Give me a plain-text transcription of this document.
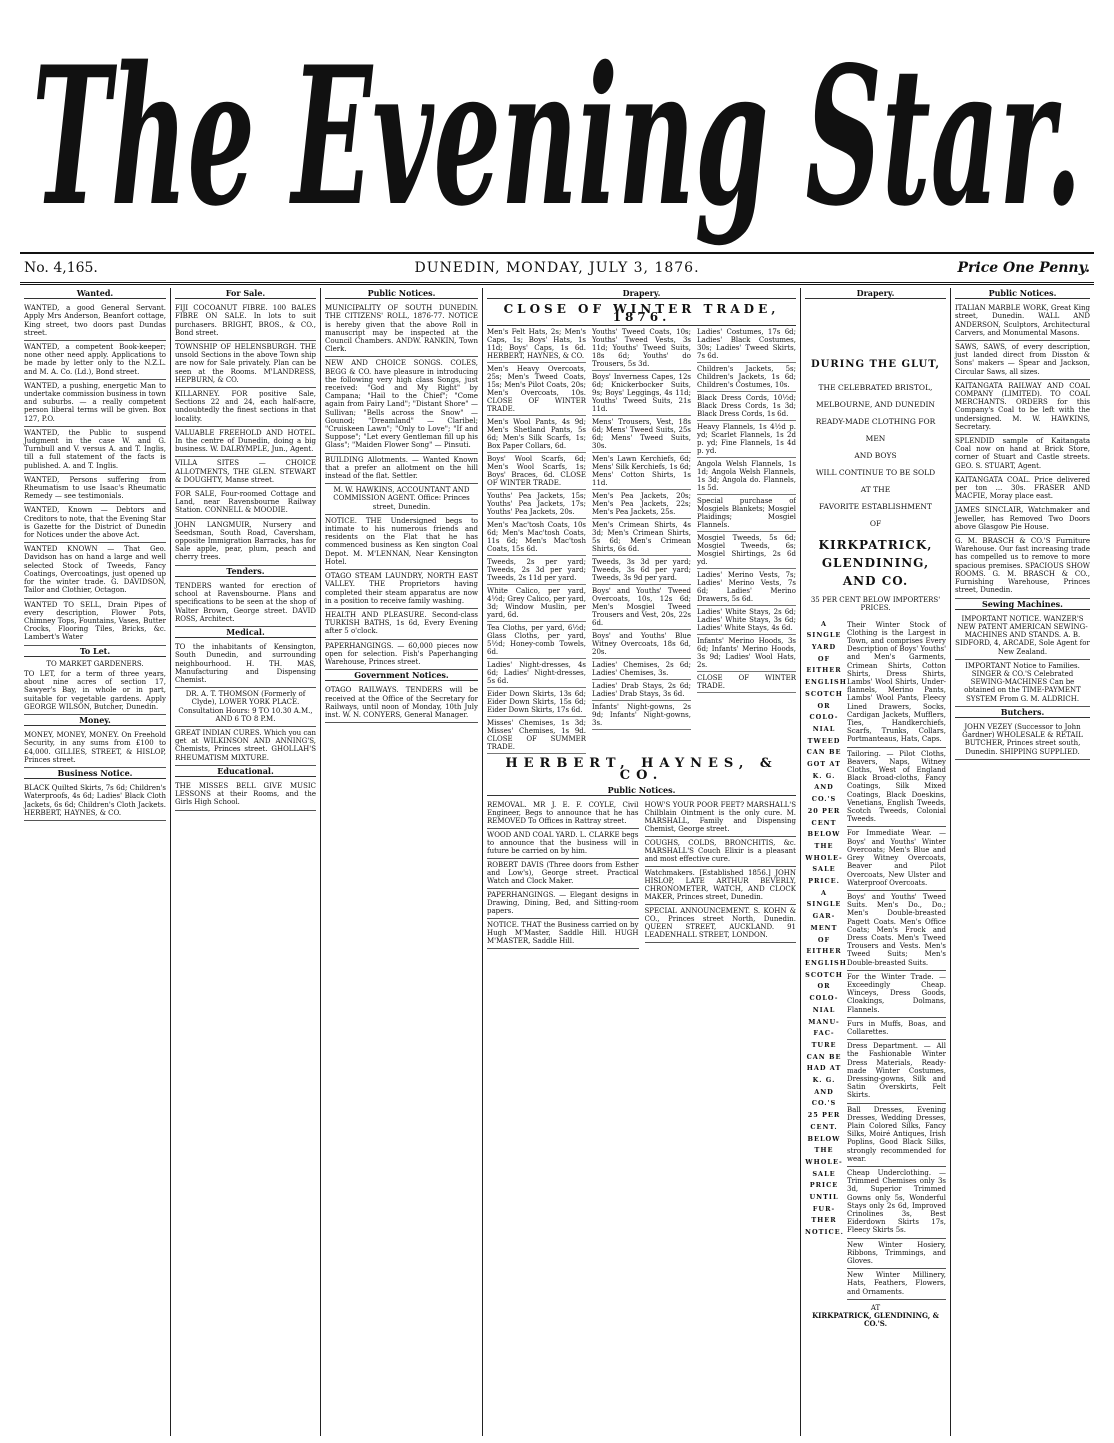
The Evening Star.
No. 4,165.	DUNEDIN, MONDAY, JULY 3, 1876.	Price One Penny.
Wanted.
WANTED, a good General Servant. Apply Mrs Anderson, Beanfort cottage, King street, two doors past Dundas street.
WANTED, a competent Book-keeper; none other need apply. Applications to be made by letter only to the N.Z.L. and M. A. Co. (Ld.), Bond street.
WANTED, a pushing, energetic Man to undertake commission business in town and suburbs. — a really competent person liberal terms will be given. Box 127, P.O.
WANTED, the Public to suspend Judgment in the case W. and G. Turnbull and V. versus A. and T. Inglis, till a full statement of the facts is published. A. and T. Inglis.
WANTED, Persons suffering from Rheumatism to use Isaac's Rheumatic Remedy — see testimonials.
WANTED, Known — Debtors and Creditors to note, that the Evening Star is Gazette for the District of Dunedin for Notices under the above Act.
WANTED KNOWN — That Geo. Davidson has on hand a large and well selected Stock of Tweeds, Fancy Coatings, Overcoatings, just opened up for the winter trade. G. DAVIDSON, Tailor and Clothier, Octagon.
WANTED TO SELL, Drain Pipes of every description, Flower Pots, Chimney Tops, Fountains, Vases, Butter Crocks, Flooring Tiles, Bricks, &c. Lambert's Water
To Let.
TO MARKET GARDENERS.
TO LET, for a term of three years, about nine acres of section 17, Sawyer's Bay, in whole or in part, suitable for vegetable gardens. Apply GEORGE WILSON, Butcher, Dunedin.
Money.
MONEY, MONEY, MONEY. On Freehold Security, in any sums from £100 to £4,000. GILLIES, STREET, & HISLOP, Princes street.
Business Notice.
BLACK Quilted Skirts, 7s 6d; Children's Waterproofs, 4s 6d; Ladies' Black Cloth Jackets, 6s 6d; Children's Cloth Jackets. HERBERT, HAYNES, & CO.
For Sale.
FIJI COCOANUT FIBRE. 100 BALES FIBRE ON SALE. In lots to suit purchasers. BRIGHT, BROS., & CO., Bond street.
TOWNSHIP OF HELENSBURGH. THE unsold Sections in the above Town ship are now for Sale privately. Plan can be seen at the Rooms. M'LANDRESS, HEPBURN, & CO.
KILLARNEY. FOR positive Sale, Sections 22 and 24, each half-acre, undoubtedly the finest sections in that locality.
VALUABLE FREEHOLD AND HOTEL. In the centre of Dunedin, doing a big business. W. DALRYMPLE, Jun., Agent.
VILLA SITES — CHOICE ALLOTMENTS, THE GLEN. STEWART & DOUGHTY, Manse street.
FOR SALE, Four-roomed Cottage and Land, near Ravensbourne Railway Station. CONNELL & MOODIE.
JOHN LANGMUIR, Nursery and Seedsman, South Road, Caversham, opposite Immigration Barracks, has for Sale apple, pear, plum, peach and cherry trees.
Tenders.
TENDERS wanted for erection of school at Ravensbourne. Plans and specifications to be seen at the shop of Walter Brown, George street. DAVID ROSS, Architect.
Medical.
TO the inhabitants of Kensington, South Dunedin, and surrounding neighbourhood. H. TH. MAS, Manufacturing and Dispensing Chemist.
DR. A. T. THOMSON (Formerly of Clyde), LOWER YORK PLACE. Consultation Hours: 9 TO 10.30 A.M., AND 6 TO 8 P.M.
GREAT INDIAN CURES. Which you can get at WILKINSON AND ANNING'S, Chemists, Princes street. GHOLLAH'S RHEUMATISM MIXTURE.
Educational.
THE MISSES BELL GIVE MUSIC LESSONS at their Rooms, and the Girls High School.
Public Notices.
MUNICIPALITY OF SOUTH DUNEDIN. THE CITIZENS' ROLL, 1876-77. NOTICE is hereby given that the above Roll in manuscript may be inspected at the Council Chambers. ANDW. RANKIN, Town Clerk.
NEW AND CHOICE SONGS. COLES, BEGG & CO. have pleasure in introducing the following very high class Songs, just received: "God and My Right" by Campana; "Hail to the Chief"; "Come again from Fairy Land"; "Distant Shore" — Sullivan; "Bells across the Snow" — Gounod; "Dreamland" — Claribel; "Cruiskeen Lawn"; "Only to Love"; "If and Suppose"; "Let every Gentleman fill up his Glass"; "Maiden Flower Song" — Pinsuti.
BUILDING Allotments. — Wanted Known that a prefer an allotment on the hill instead of the flat. Settler.
M. W. HAWKINS, ACCOUNTANT AND COMMISSION AGENT. Office: Princes street, Dunedin.
NOTICE. THE Undersigned begs to intimate to his numerous friends and residents on the Flat that he has commenced business as Ken sington Coal Depot. M. M'LENNAN, Near Kensington Hotel.
OTAGO STEAM LAUNDRY, NORTH EAST VALLEY. THE Proprietors having completed their steam apparatus are now in a position to receive family washing.
HEALTH AND PLEASURE. Second-class TURKISH BATHS, 1s 6d, Every Evening after 5 o'clock.
PAPERHANGINGS. — 60,000 pieces now open for selection. Fish's Paperhanging Warehouse, Princes street.
Government Notices.
OTAGO RAILWAYS. TENDERS will be received at the Office of the Secretary for Railways, until noon of Monday, 10th July inst. W. N. CONYERS, General Manager.
Drapery.
CLOSE OF WINTER TRADE, 1876.
Men's Felt Hats, 2s; Men's Caps, 1s; Boys' Hats, 1s 11d; Boys' Caps, 1s 6d. HERBERT, HAYNES, & CO.
Men's Heavy Overcoats, 25s; Men's Tweed Coats, 15s; Men's Pilot Coats, 20s; Men's Overcoats, 10s. CLOSE OF WINTER TRADE.
Men's Wool Pants, 4s 9d; Men's Shetland Pants, 5s 6d; Men's Silk Scarfs, 1s; Box Paper Collars, 6d.
Boys' Wool Scarfs, 6d; Men's Wool Scarfs, 1s; Boys' Braces, 6d. CLOSE OF WINTER TRADE.
Youths' Pea Jackets, 15s; Youths' Pea Jackets, 17s; Youths' Pea Jackets, 20s.
Men's Mac'tosh Coats, 10s 6d; Men's Mac'tosh Coats, 11s 6d; Men's Mac'tosh Coats, 15s 6d.
Tweeds, 2s per yard; Tweeds, 2s 3d per yard; Tweeds, 2s 11d per yard.
White Calico, per yard, 4½d; Grey Calico, per yard, 3d; Window Muslin, per yard, 6d.
Tea Cloths, per yard, 6½d; Glass Cloths, per yard, 5½d; Honey-comb Towels, 6d.
Ladies' Night-dresses, 4s 6d; Ladies' Night-dresses, 5s 6d.
Eider Down Skirts, 13s 6d; Eider Down Skirts, 15s 6d; Eider Down Skirts, 17s 6d.
Misses' Chemises, 1s 3d; Misses' Chemises, 1s 9d. CLOSE OF SUMMER TRADE.
Youths' Tweed Coats, 10s; Youths' Tweed Vests, 3s 11d; Youths' Tweed Suits, 18s 6d; Youths' do Trousers, 5s 3d.
Boys' Inverness Capes, 12s 6d; Knickerbocker Suits, 9s; Boys' Leggings, 4s 11d; Youths' Tweed Suits, 21s 11d.
Mens' Trousers, Vest, 18s 6d; Mens' Tweed Suits, 25s 6d; Mens' Tweed Suits, 30s.
Men's Lawn Kerchiefs, 6d; Mens' Silk Kerchiefs, 1s 6d; Mens' Cotton Shirts, 1s 11d.
Men's Pea Jackets, 20s; Men's Pea Jackets, 22s; Men's Pea Jackets, 25s.
Men's Crimean Shirts, 4s 3d; Men's Crimean Shirts, 5s 6d; Men's Crimean Shirts, 6s 6d.
Tweeds, 3s 3d per yard; Tweeds, 3s 6d per yard; Tweeds, 3s 9d per yard.
Boys' and Youths' Tweed Overcoats, 10s, 12s 6d; Men's Mosgiel Tweed Trousers and Vest, 20s, 22s 6d.
Boys' and Youths' Blue Witney Overcoats, 18s 6d, 20s.
Ladies' Chemises, 2s 6d; Ladies' Chemises, 3s.
Ladies' Drab Stays, 2s 6d; Ladies' Drab Stays, 3s 6d.
Infants' Night-gowns, 2s 9d; Infants' Night-gowns, 3s.
Ladies' Costumes, 17s 6d; Ladies' Black Costumes, 30s; Ladies' Tweed Skirts, 7s 6d.
Children's Jackets, 5s; Children's Jackets, 1s 6d; Children's Costumes, 10s.
Black Dress Cords, 10½d; Black Dress Cords, 1s 3d; Black Dress Cords, 1s 6d.
Heavy Flannels, 1s 4½d p. yd; Scarlet Flannels, 1s 2d p. yd; Fine Flannels, 1s 4d p. yd.
Angola Welsh Flannels, 1s 1d; Angola Welsh Flannels, 1s 3d; Angola do. Flannels, 1s 5d.
Special purchase of Mosgiels Blankets; Mosgiel Plaidings; Mosgiel Flannels.
Mosgiel Tweeds, 5s 6d; Mosgiel Tweeds, 6s; Mosgiel Shirtings, 2s 6d yd.
Ladies' Merino Vests, 7s; Ladies' Merino Vests, 7s 6d; Ladies' Merino Drawers, 5s 6d.
Ladies' White Stays, 2s 6d; Ladies' White Stays, 3s 6d; Ladies' White Stays, 4s 6d.
Infants' Merino Hoods, 3s 6d; Infants' Merino Hoods, 3s 9d; Ladies' Wool Hats, 2s.
CLOSE OF WINTER TRADE.
HERBERT, HAYNES, & CO.
Public Notices.
REMOVAL. MR J. E. F. COYLE, Civil Engineer, Begs to announce that he has REMOVED To Offices in Rattray street.
WOOD AND COAL YARD. L. CLARKE begs to announce that the business will in future be carried on by him.
ROBERT DAVIS (Three doors from Esther and Low's), George street. Practical Watch and Clock Maker.
PAPERHANGINGS. — Elegant designs in Drawing, Dining, Bed, and Sitting-room papers.
NOTICE. THAT the Business carried on by Hugh M'Master, Saddle Hill. HUGH M'MASTER, Saddle Hill.
HOW'S YOUR POOR FEET? MARSHALL'S Chilblain Ointment is the only cure. M. MARSHALL, Family and Dispensing Chemist, George street.
COUGHS, COLDS, BRONCHITIS, &c. MARSHALL'S Couch Elixir is a pleasant and most effective cure.
Watchmakers. [Established 1856.] JOHN HISLOP, LATE ARTHUR BEVERLY, CHRONOMETER, WATCH, AND CLOCK MAKER, Princes street, Dunedin.
SPECIAL ANNOUNCEMENT. S. KOHN & CO., Princes street North, Dunedin. QUEEN STREET, AUCKLAND. 91 LEADENHALL STREET, LONDON.
Drapery.
DURING THE GLUT,
THE CELEBRATED BRISTOL, MELBOURNE, AND DUNEDIN
READY-MADE CLOTHING FOR MEN
AND BOYS
WILL CONTINUE TO BE SOLD
AT THE
FAVORITE ESTABLISHMENT
OF
KIRKPATRICK, GLENDINING, AND CO.
35 PER CENT BELOW IMPORTERS' PRICES.
A
SINGLE
YARD
OF
EITHER
ENGLISH
SCOTCH
OR
COLO-
NIAL
TWEED
CAN BE
GOT AT
K. G.
AND
CO.'S
20 PER
CENT
BELOW
THE
WHOLE-
SALE
PRICE.
A
SINGLE
GAR-
MENT
OF
EITHER
ENGLISH
SCOTCH
OR
COLO-
NIAL
MANU-
FAC-
TURE
CAN BE
HAD AT
K. G.
AND
CO.'S
25 PER
CENT.
BELOW
THE
WHOLE-
SALE
PRICE
UNTIL
FUR-
THER
NOTICE.
Their Winter Stock of Clothing is the Largest in Town, and comprises Every Description of Boys' Youths' and Men's Garments, Crimean Shirts, Cotton Shirts, Dress Shirts, Lambs' Wool Shirts, Under-flannels, Merino Pants, Lambs' Wool Pants, Fleecy Lined Drawers, Socks, Cardigan Jackets, Mufflers, Ties, Handkerchiefs, Scarfs, Trunks, Collars, Portmanteaus, Hats, Caps.
Tailoring. — Pilot Cloths, Beavers, Naps, Witney Cloths, West of England Black Broad-cloths, Fancy Coatings, Silk Mixed Coatings, Black Doeskins, Venetians, English Tweeds, Scotch Tweeds, Colonial Tweeds.
For Immediate Wear. — Boys' and Youths' Winter Overcoats; Men's Blue and Grey Witney Overcoats, Beaver and Pilot Overcoats, New Ulster and Waterproof Overcoats.
Boys' and Youths' Tweed Suits. Men's Do., Do.; Men's Double-breasted Pagett Coats. Men's Office Coats; Men's Frock and Dress Coats. Men's Tweed Trousers and Vests. Men's Tweed Suits; Men's Double-breasted Suits.
For the Winter Trade. — Exceedingly Cheap. Winceys, Dress Goods, Cloakings, Dolmans, Flannels.
Furs in Muffs, Boas, and Collarettes.
Dress Department. — All the Fashionable Winter Dress Materials, Ready-made Winter Costumes, Dressing-gowns, Silk and Satin Overskirts, Felt Skirts.
Ball Dresses, Evening Dresses, Wedding Dresses, Plain Colored Silks, Fancy Silks, Moiré Antiques, Irish Poplins, Good Black Silks, strongly recommended for wear.
Cheap Underclothing. — Trimmed Chemises only 3s 3d, Superior Trimmed Gowns only 5s, Wonderful Stays only 2s 6d, Improved Crinolines 3s, Best Eiderdown Skirts 17s, Fleecy Skirts 5s.
New Winter Hosiery, Ribbons, Trimmings, and Gloves.
New Winter Millinery, Hats, Feathers, Flowers, and Ornaments.
AT
KIRKPATRICK, GLENDINING, & CO.'S.
Public Notices.
ITALIAN MARBLE WORK, Great King street, Dunedin. WALL AND ANDERSON, Sculptors, Architectural Carvers, and Monumental Masons.
SAWS, SAWS, of every description, just landed direct from Disston & Sons' makers — Spear and Jackson, Circular Saws, all sizes.
KAITANGATA RAILWAY AND COAL COMPANY (LIMITED). TO COAL MERCHANTS. ORDERS for this Company's Coal to be left with the undersigned. M. W. HAWKINS, Secretary.
SPLENDID sample of Kaitangata Coal now on hand at Brick Store, corner of Stuart and Castle streets. GEO. S. STUART, Agent.
KAITANGATA COAL. Price delivered per ton ... 30s. FRASER AND MACFIE, Moray place east.
JAMES SINCLAIR, Watchmaker and Jeweller, has Removed Two Doors above Glasgow Pie House.
G. M. BRASCH & CO.'S Furniture Warehouse. Our fast increasing trade has compelled us to remove to more spacious premises. SPACIOUS SHOW ROOMS. G. M. BRASCH & CO., Furnishing Warehouse, Princes street, Dunedin.
Sewing Machines.
IMPORTANT NOTICE. WANZER'S NEW PATENT AMERICAN SEWING-MACHINES AND STANDS. A. B. SIDFORD, 4, ARCADE, Sole Agent for New Zealand.
IMPORTANT Notice to Families. SINGER & CO.'S Celebrated SEWING-MACHINES Can be obtained on the TIME-PAYMENT SYSTEM From G. M. ALDRICH.
Butchers.
JOHN VEZEY (Successor to John Gardner) WHOLESALE & RETAIL BUTCHER, Princes street south, Dunedin. SHIPPING SUPPLIED.
